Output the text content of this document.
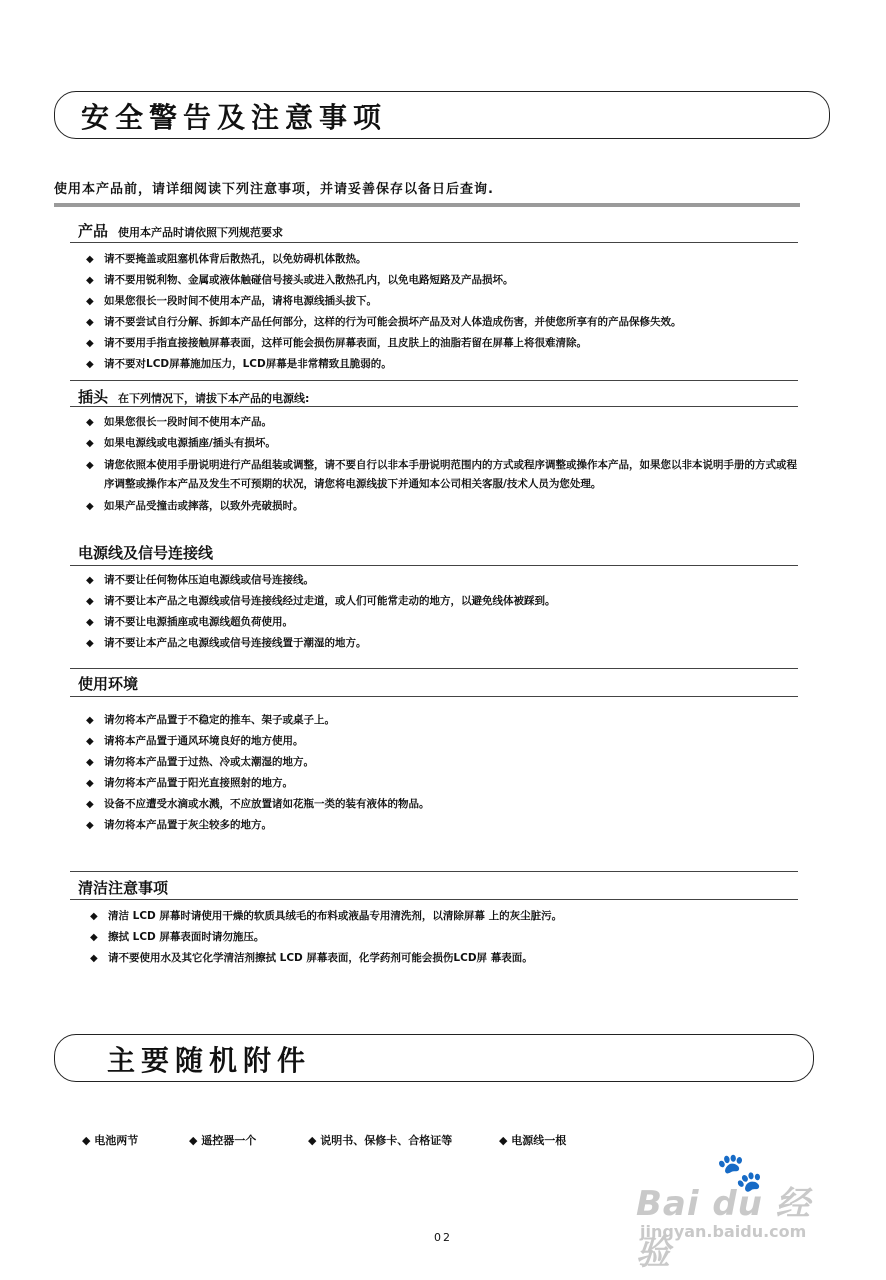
安全警告及注意事项
使用本产品前，请详细阅读下列注意事项，并请妥善保存以备日后查询.
产品 使用本产品时请依照下列规范要求
◆ 请不要掩盖或阻塞机体背后散热孔，以免妨碍机体散热。
◆ 请不要用锐利物、金属或液体触碰信号接头或进入散热孔内，以免电路短路及产品损坏。
◆ 如果您很长一段时间不使用本产品，请将电源线插头拔下。
◆ 请不要尝试自行分解、拆卸本产品任何部分，这样的行为可能会损坏产品及对人体造成伤害，并使您所享有的产品保修失效。
◆ 请不要用手指直接接触屏幕表面，这样可能会损伤屏幕表面，且皮肤上的油脂若留在屏幕上将很难清除。
◆ 请不要对LCD屏幕施加压力，LCD屏幕是非常精致且脆弱的。
插头 在下列情况下，请拔下本产品的电源线:
◆ 如果您很长一段时间不使用本产品。
◆ 如果电源线或电源插座/插头有损坏。
◆ 请您依照本使用手册说明进行产品组装或调整，请不要自行以非本手册说明范围内的方式或程序调整或操作本产品，如果您以非本说明手册的方式或程序调整或操作本产品及发生不可预期的状况，请您将电源线拔下并通知本公司相关客服/技术人员为您处理。
◆ 如果产品受撞击或摔落，以致外壳破损时。
电源线及信号连接线
◆ 请不要让任何物体压迫电源线或信号连接线。
◆ 请不要让本产品之电源线或信号连接线经过走道，或人们可能常走动的地方，以避免线体被踩到。
◆ 请不要让电源插座或电源线超负荷使用。
◆ 请不要让本产品之电源线或信号连接线置于潮湿的地方。
使用环境
◆ 请勿将本产品置于不稳定的推车、架子或桌子上。
◆ 请将本产品置于通风环境良好的地方使用。
◆ 请勿将本产品置于过热、冷或太潮湿的地方。
◆ 请勿将本产品置于阳光直接照射的地方。
◆ 设备不应遭受水滴或水溅，不应放置诸如花瓶一类的装有液体的物品。
◆ 请勿将本产品置于灰尘较多的地方。
清洁注意事项
◆ 清洁 LCD 屏幕时请使用干燥的软质具绒毛的布料或液晶专用清洗剂，以清除屏幕 上的灰尘脏污。
◆ 擦拭 LCD 屏幕表面时请勿施压。
◆ 请不要使用水及其它化学清洁剂擦拭 LCD 屏幕表面，化学药剂可能会损伤LCD屏 幕表面。
主要随机附件
◆ 电池两节	◆ 遥控器一个	◆ 说明书、保修卡、合格证等	◆ 电源线一根
🐾
Bai du 经验
jingyan.baidu.com
02
